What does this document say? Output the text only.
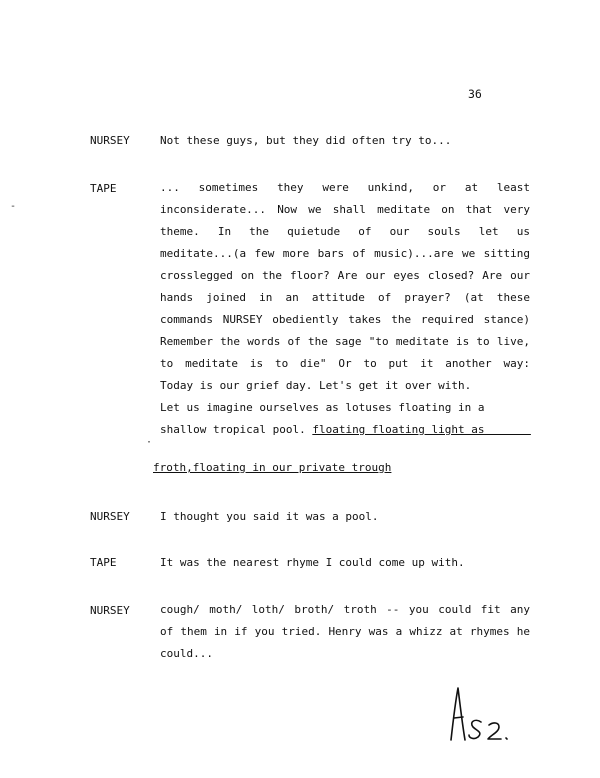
36
NURSEY	Not these guys, but they did often try to...
TAPE	... sometimes they were unkind, or at least
inconsiderate... Now we shall meditate on that very
theme. In the quietude of our souls let us
meditate...(a few more bars of music)...are we sitting
crosslegged on the floor? Are our eyes closed? Are our
hands joined in an attitude of prayer? (at these
commands NURSEY obediently takes the required stance)
Remember the words of the sage "to meditate is to live,
to meditate is to die" Or to put it another way:
Today is our grief day. Let's get it over with.
Let us imagine ourselves as lotuses floating in a
shallow tropical pool. floating floating light as
froth,floating in our private trough
-
·
NURSEY	I thought you said it was a pool.
TAPE	It was the nearest rhyme I could come up with.
NURSEY	cough/ moth/ loth/ broth/ troth -- you could fit any
of them in if you tried. Henry was a whizz at rhymes he
could...
